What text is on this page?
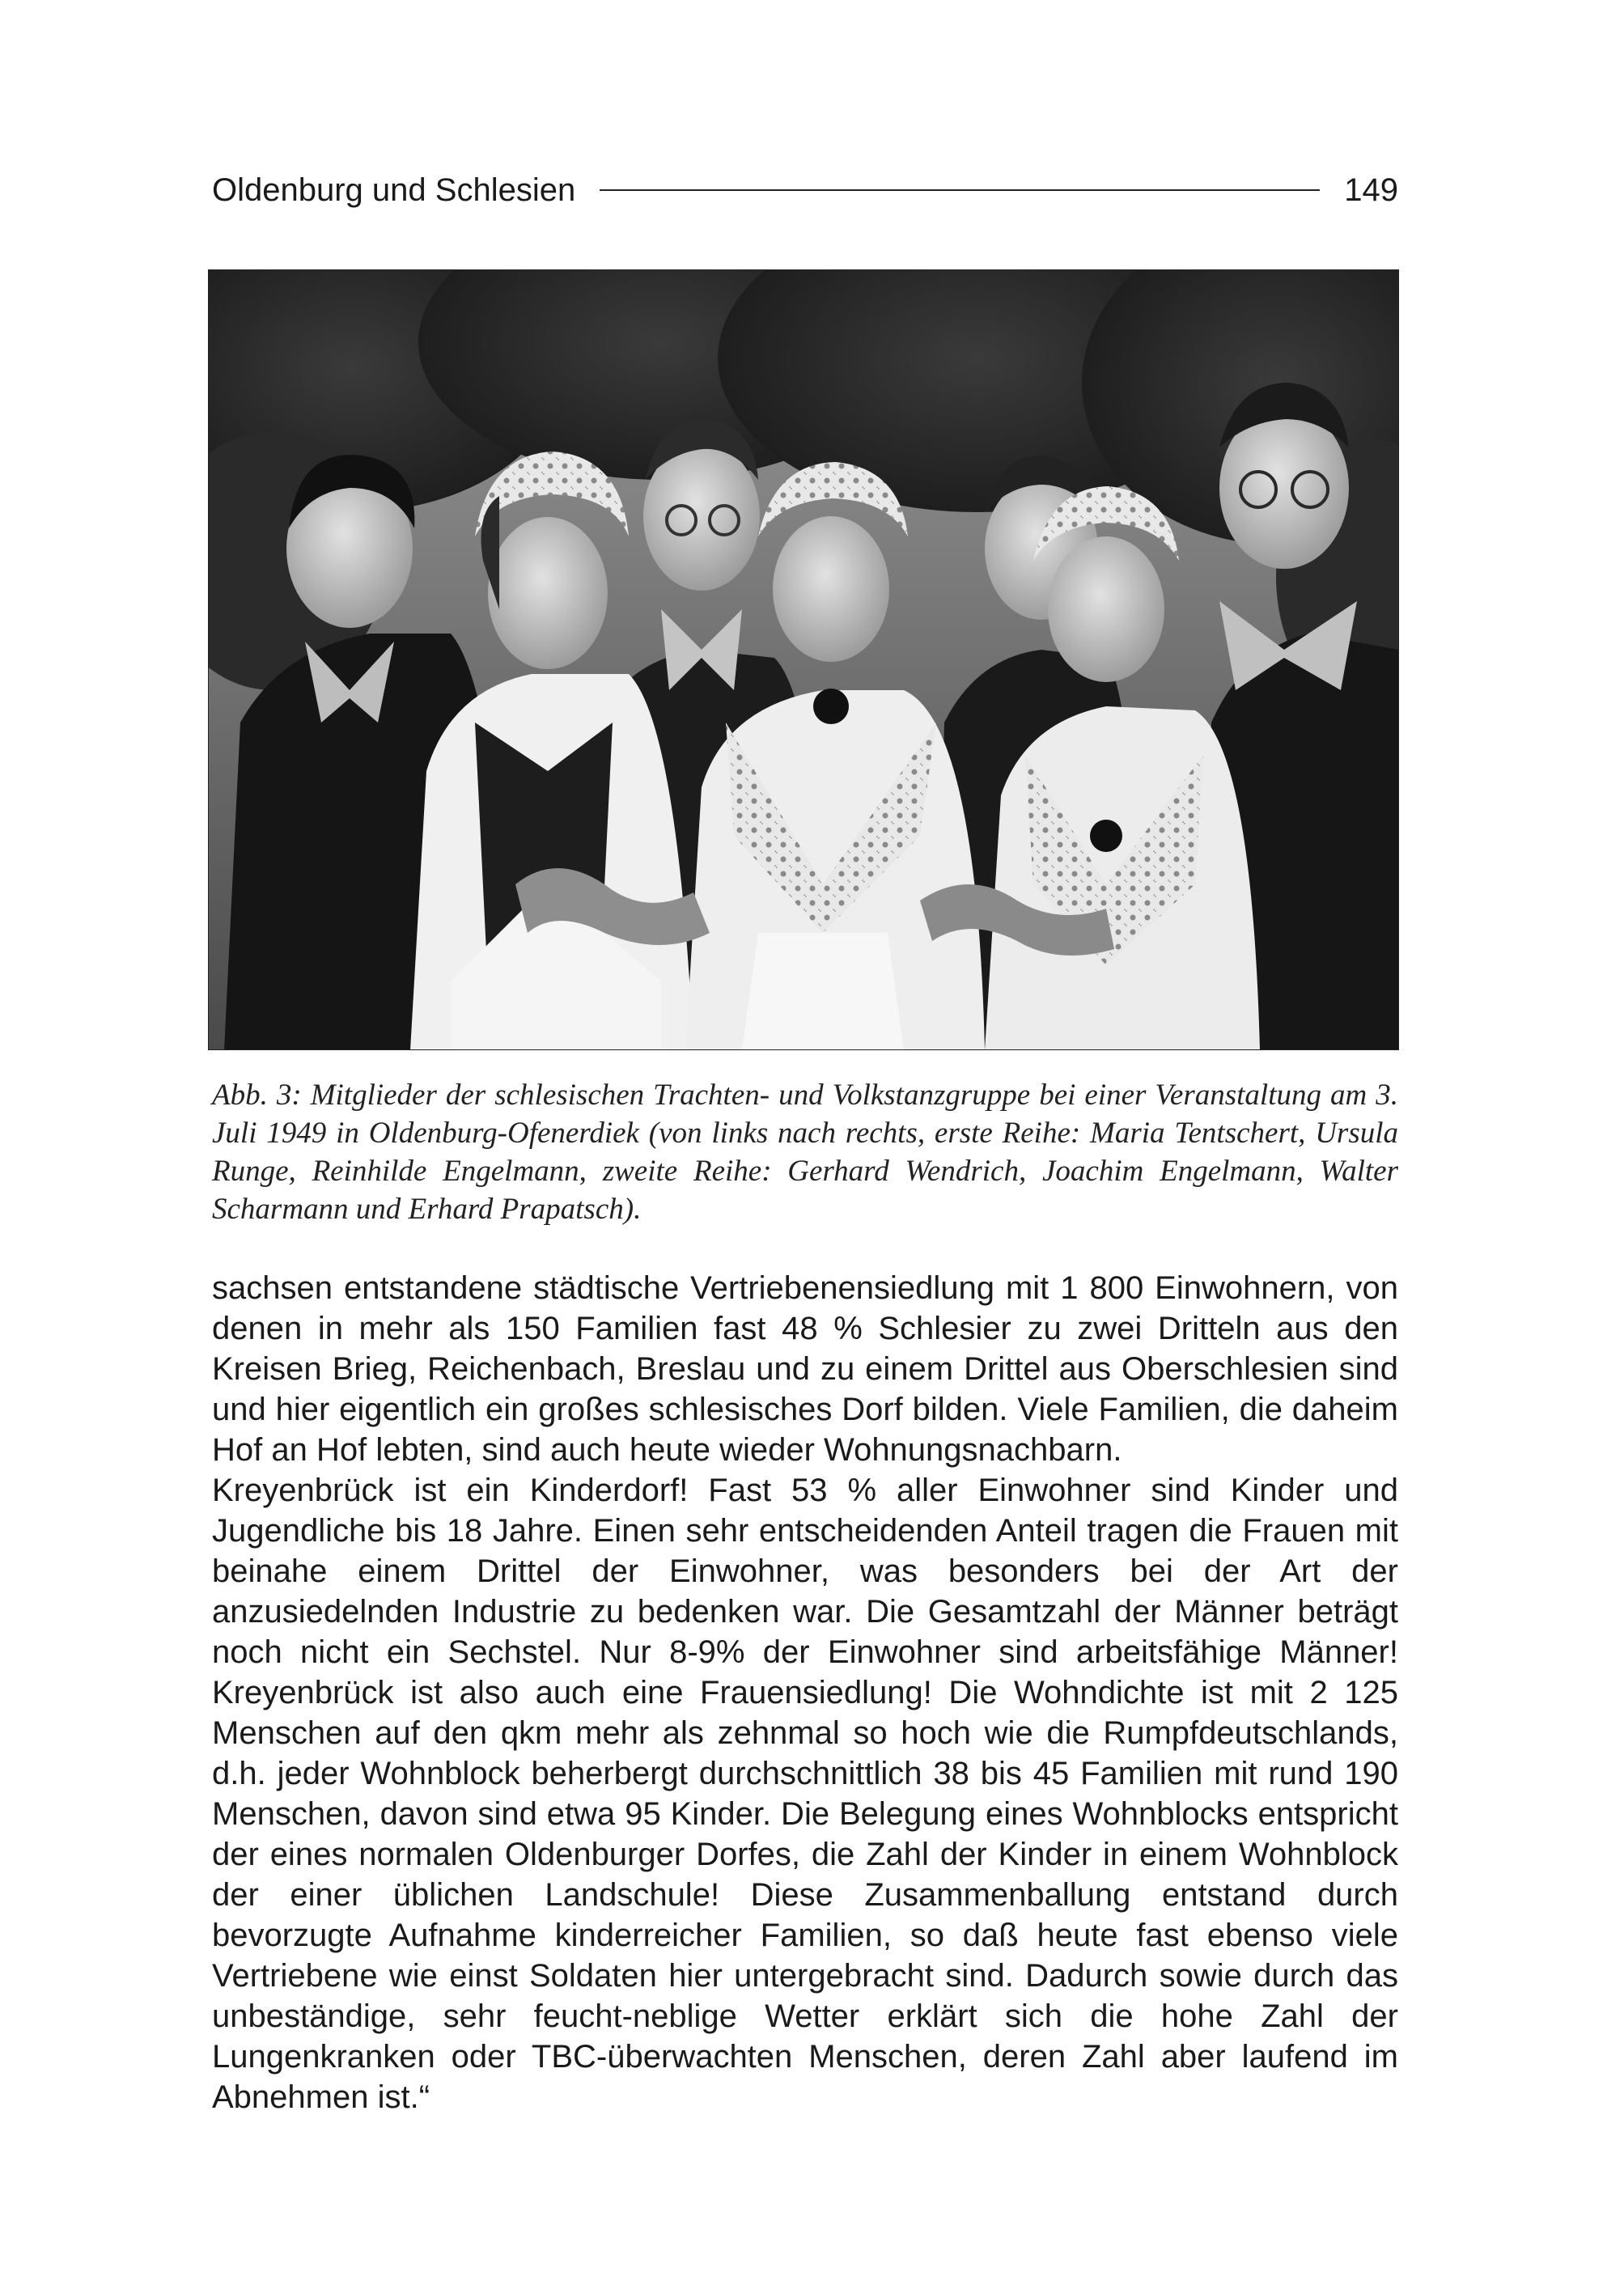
Oldenburg und Schlesien	149
Abb. 3: Mitglieder der schlesischen Trachten- und Volkstanzgruppe bei einer Veranstaltung am 3. Juli 1949 in Oldenburg-Ofenerdiek (von links nach rechts, erste Reihe: Maria Tentschert, Ursula Runge, Reinhilde Engelmann, zweite Reihe: Gerhard Wendrich, Joachim Engelmann, Walter Scharmann und Erhard Prapatsch).

sachsen entstandene städtische Vertriebenensiedlung mit 1 800 Einwohnern, von denen in mehr als 150 Familien fast 48 % Schlesier zu zwei Dritteln aus den Kreisen Brieg, Reichenbach, Breslau und zu einem Drittel aus Oberschlesien sind und hier eigentlich ein großes schlesisches Dorf bilden. Viele Familien, die daheim Hof an Hof lebten, sind auch heute wieder Wohnungsnachbarn.

Kreyenbrück ist ein Kinderdorf! Fast 53 % aller Einwohner sind Kinder und Jugendliche bis 18 Jahre. Einen sehr entscheidenden Anteil tragen die Frauen mit beinahe einem Drittel der Einwohner, was besonders bei der Art der anzusiedelnden Industrie zu bedenken war. Die Gesamtzahl der Männer beträgt noch nicht ein Sechstel. Nur 8-9% der Einwohner sind arbeitsfähige Männer! Kreyenbrück ist also auch eine Frauensiedlung! Die Wohndichte ist mit 2 125 Menschen auf den qkm mehr als zehnmal so hoch wie die Rumpfdeutschlands, d.h. jeder Wohnblock beherbergt durchschnittlich 38 bis 45 Familien mit rund 190 Menschen, davon sind etwa 95 Kinder. Die Belegung eines Wohnblocks entspricht der eines normalen Oldenburger Dorfes, die Zahl der Kinder in einem Wohnblock der einer üblichen Landschule! Diese Zusammenballung entstand durch bevorzugte Aufnahme kinderreicher Familien, so daß heute fast ebenso viele Vertriebene wie einst Soldaten hier untergebracht sind. Dadurch sowie durch das unbeständige, sehr feucht-neblige Wetter erklärt sich die hohe Zahl der Lungenkranken oder TBC-überwachten Menschen, deren Zahl aber laufend im Abnehmen ist.“
